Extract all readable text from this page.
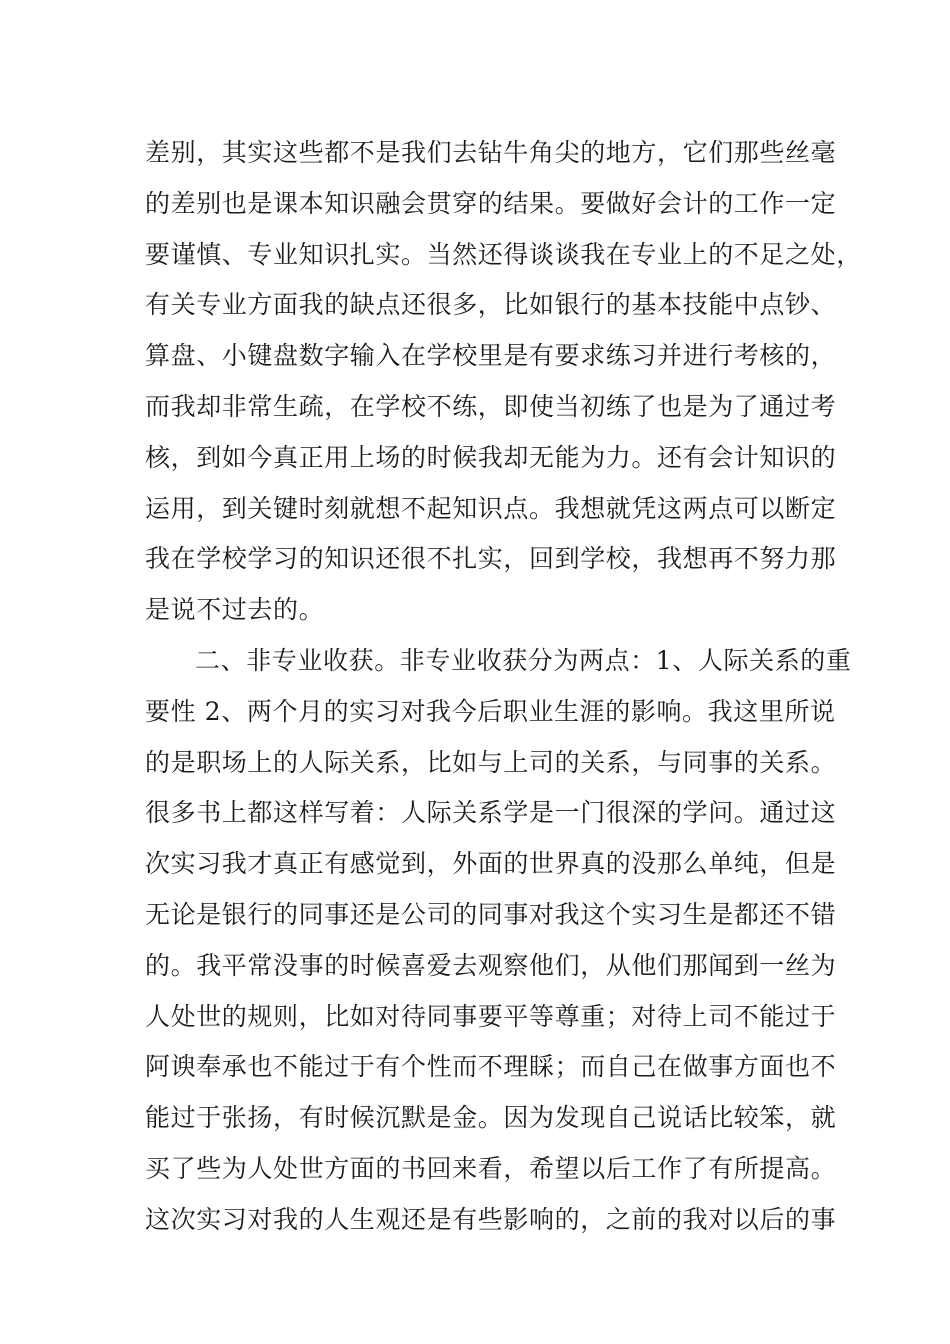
差别，其实这些都不是我们去钻牛角尖的地方，它们那些丝毫
的差别也是课本知识融会贯穿的结果。要做好会计的工作一定
要谨慎、专业知识扎实。当然还得谈谈我在专业上的不足之处，
有关专业方面我的缺点还很多，比如银行的基本技能中点钞、
算盘、小键盘数字输入在学校里是有要求练习并进行考核的，
而我却非常生疏，在学校不练，即使当初练了也是为了通过考
核，到如今真正用上场的时候我却无能为力。还有会计知识的
运用，到关键时刻就想不起知识点。我想就凭这两点可以断定
我在学校学习的知识还很不扎实，回到学校，我想再不努力那
是说不过去的。
二、非专业收获。非专业收获分为两点：1、人际关系的重
要性 2、两个月的实习对我今后职业生涯的影响。我这里所说
的是职场上的人际关系，比如与上司的关系，与同事的关系。
很多书上都这样写着：人际关系学是一门很深的学问。通过这
次实习我才真正有感觉到，外面的世界真的没那么单纯，但是
无论是银行的同事还是公司的同事对我这个实习生是都还不错
的。我平常没事的时候喜爱去观察他们，从他们那闻到一丝为
人处世的规则，比如对待同事要平等尊重；对待上司不能过于
阿谀奉承也不能过于有个性而不理睬；而自己在做事方面也不
能过于张扬，有时候沉默是金。因为发现自己说话比较笨，就
买了些为人处世方面的书回来看，希望以后工作了有所提高。
这次实习对我的人生观还是有些影响的，之前的我对以后的事
